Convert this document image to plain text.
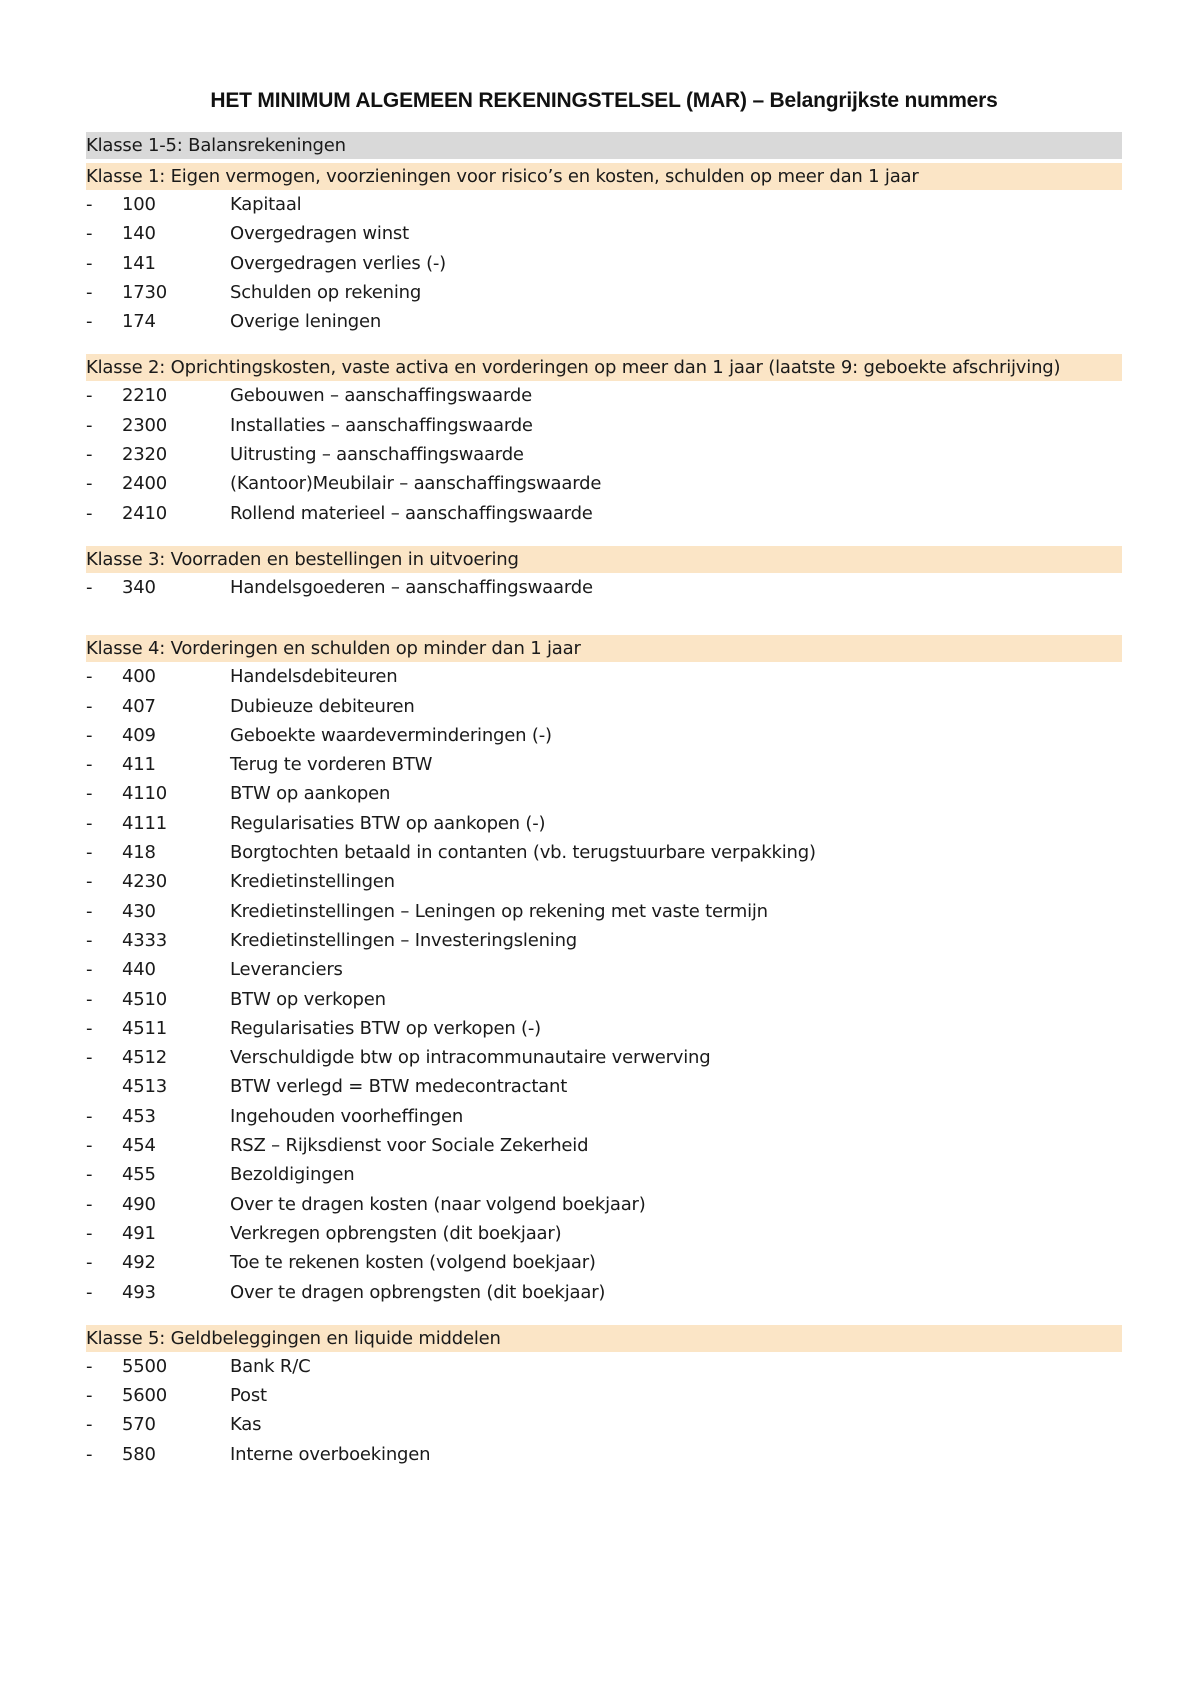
HET MINIMUM ALGEMEEN REKENINGSTELSEL (MAR) – Belangrijkste nummers
Klasse 1-5: Balansrekeningen
Klasse 1: Eigen vermogen, voorzieningen voor risico’s en kosten, schulden op meer dan 1 jaar
- 100	Kapitaal
- 140	Overgedragen winst
- 141	Overgedragen verlies (-)
- 1730	Schulden op rekening
- 174	Overige leningen
Klasse 2: Oprichtingskosten, vaste activa en vorderingen op meer dan 1 jaar (laatste 9: geboekte afschrijving)
- 2210	Gebouwen – aanschaffingswaarde
- 2300	Installaties – aanschaffingswaarde
- 2320	Uitrusting – aanschaffingswaarde
- 2400	(Kantoor)Meubilair – aanschaffingswaarde
- 2410	Rollend materieel – aanschaffingswaarde
Klasse 3: Voorraden en bestellingen in uitvoering
- 340	Handelsgoederen – aanschaffingswaarde
Klasse 4: Vorderingen en schulden op minder dan 1 jaar
- 400	Handelsdebiteuren
- 407	Dubieuze debiteuren
- 409	Geboekte waardeverminderingen (-)
- 411	Terug te vorderen BTW
- 4110	BTW op aankopen
- 4111	Regularisaties BTW op aankopen (-)
- 418	Borgtochten betaald in contanten (vb. terugstuurbare verpakking)
- 4230	Kredietinstellingen
- 430	Kredietinstellingen – Leningen op rekening met vaste termijn
- 4333	Kredietinstellingen – Investeringslening
- 440	Leveranciers
- 4510	BTW op verkopen
- 4511	Regularisaties BTW op verkopen (-)
- 4512	Verschuldigde btw op intracommunautaire verwerving
4513	BTW verlegd = BTW medecontractant
- 453	Ingehouden voorheffingen
- 454	RSZ – Rijksdienst voor Sociale Zekerheid
- 455	Bezoldigingen
- 490	Over te dragen kosten (naar volgend boekjaar)
- 491	Verkregen opbrengsten (dit boekjaar)
- 492	Toe te rekenen kosten (volgend boekjaar)
- 493	Over te dragen opbrengsten (dit boekjaar)
Klasse 5: Geldbeleggingen en liquide middelen
- 5500	Bank R/C
- 5600	Post
- 570	Kas
- 580	Interne overboekingen
